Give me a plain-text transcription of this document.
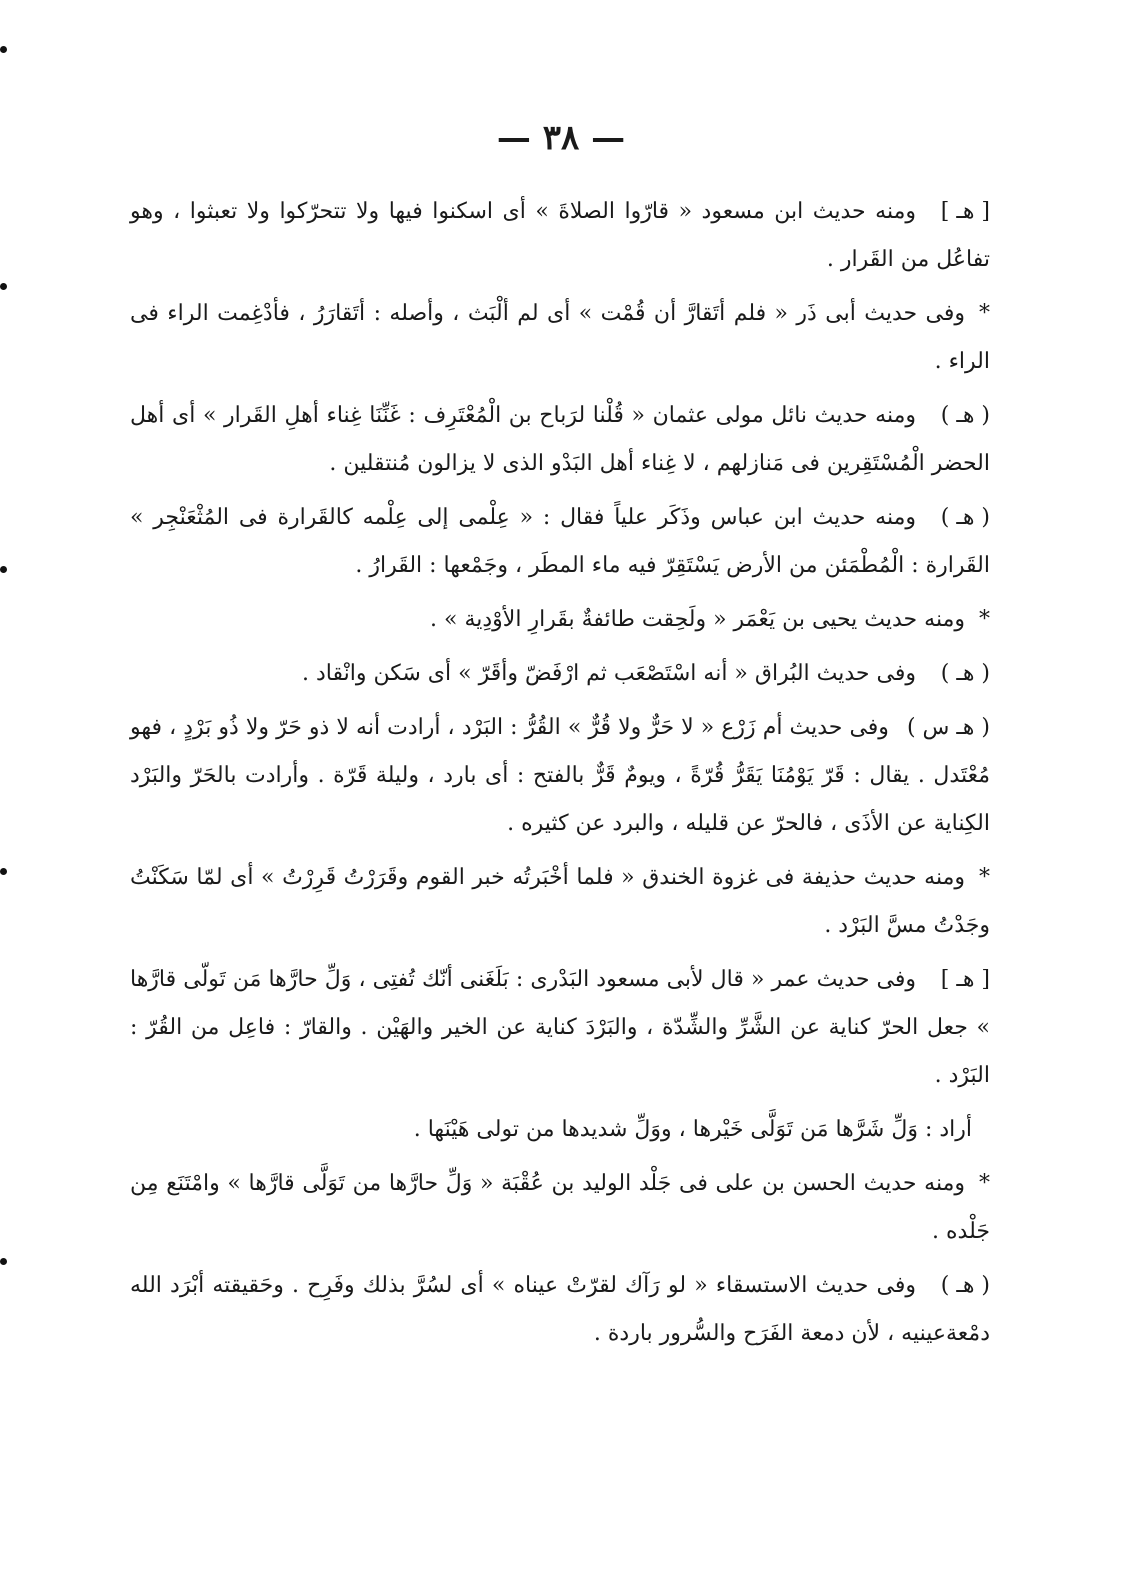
— ٣٨ —

[ هـ ]ومنه حديث ابن مسعود « قارّوا الصلاةَ » أى اسكنوا فيها ولا تتحرّكوا ولا تعبثوا ، وهو تفاعُل من القَرار .

*وفى حديث أبى ذَر « فلم أتَقارَّ أن قُمْت » أى لم ألْبَث ، وأصله : أتَقارَرُ ، فأدْغِمت الراء فى الراء .

( هـ )ومنه حديث نائل مولى عثمان « قُلْنا لرَباح بن الْمُعْتَرِف : غَنِّنَا غِناء أهلِ القَرار » أى أهل الحضر الْمُسْتَقِرين فى مَنازلهم ، لا غِناء أهل البَدْو الذى لا يزالون مُنتقلين .

( هـ )ومنه حديث ابن عباس وذَكَر علياً فقال : « عِلْمى إلى عِلْمه كالقَرارة فى المُثْعَنْجِر » القَرارة : الْمُطْمَئن من الأرض يَسْتَقِرّ فيه ماء المطَر ، وجَمْعها : القَرارُ .

*ومنه حديث يحيى بن يَعْمَر « ولَحِقت طائفةٌ بقَرارِ الأوْدِية » .

( هـ )وفى حديث البُراق « أنه اسْتَصْعَب ثم ارْفَضّ وأقَرّ » أى سَكن وانْقاد .

( هـ س )وفى حديث أم زَرْع « لا حَرٌّ ولا قُرٌّ » القُرُّ : البَرْد ، أرادت أنه لا ذو حَرّ ولا ذُو بَرْدٍ ، فهو مُعْتَدل . يقال : قَرّ يَوْمُنَا يَقَرُّ قُرّةً ، ويومٌ قَرٌّ بالفتح : أى بارد ، وليلة قَرّة . وأرادت بالحَرّ والبَرْد الكِناية عن الأذَى ، فالحرّ عن قليله ، والبرد عن كثيره .

*ومنه حديث حذيفة فى غزوة الخندق « فلما أخْبَرتُه خبر القوم وقَرَرْتُ قَرِرْتُ » أى لمّا سَكَنْتُ وجَدْتُ مسَّ البَرْد .

[ هـ ]وفى حديث عمر « قال لأبى مسعود البَدْرى : بَلَغَنى أنّك تُفتِى ، وَلِّ حارَّها مَن تَولّى قارَّها » جعل الحرّ كناية عن الشَّرِّ والشِّدّة ، والبَرْدَ كناية عن الخير والهَيْن . والقارّ : فاعِل من القُرّ : البَرْد .

أراد : وَلِّ شَرَّها مَن تَوَلَّى خَيْرها ، ووَلِّ شديدها من تولى هَيْنَها .

*ومنه حديث الحسن بن على فى جَلْد الوليد بن عُقْبَة « وَلِّ حارَّها من تَوَلَّى قارَّها » وامْتَنَع مِن جَلْده .

( هـ )وفى حديث الاستسقاء « لو رَآك لقرّتْ عيناه » أى لسُرَّ بذلك وفَرِح . وحَقيقته أبْرَد الله دمْعةعينيه ، لأن دمعة الفَرَح والسُّرور باردة .
